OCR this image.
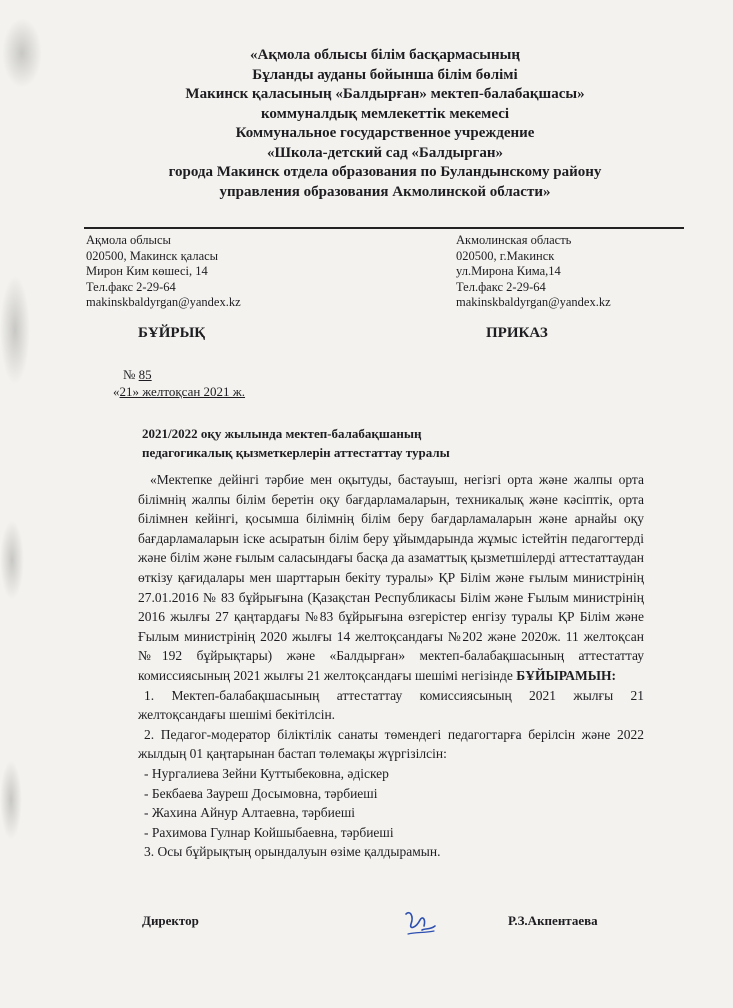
«Ақмола облысы білім басқармасының
Бұланды ауданы бойынша білім бөлімі
Макинск қаласының «Балдырған» мектеп-балабақшасы»
коммуналдық мемлекеттік мекемесі
Коммунальное государственное учреждение
«Школа-детский сад «Балдырган»
города Макинск отдела образования по Буландынскому району
управления образования Акмолинской области»
Ақмола облысы
020500, Макинск қаласы
Мирон Ким көшесі, 14
Тел.факс 2-29-64
makinskbaldyrgan@yandex.kz
Акмолинская область
020500, г.Макинск
ул.Мирона Кима,14
Тел.факс 2-29-64
makinskbaldyrgan@yandex.kz
БҰЙРЫҚ	ПРИКАЗ
№ 85
«21» желтоқсан 2021 ж.
2021/2022 оқу жылында мектеп-балабақшаның
педагогикалық қызметкерлерін аттестаттау туралы

«Мектепке дейінгі тәрбие мен оқытуды, бастауыш, негізгі орта және жалпы орта білімнің жалпы білім беретін оқу бағдарламаларын, техникалық және кәсіптік, орта білімнен кейінгі, қосымша білімнің білім беру бағдарламаларын және арнайы оқу бағдарламаларын іске асыратын білім беру ұйымдарында жұмыс істейтін педагогтерді және білім және ғылым саласындағы басқа да азаматтық қызметшілерді аттестаттаудан өткізу қағидалары мен шарттарын бекіту туралы» ҚР Білім және ғылым министрінің 27.01.2016 № 83 бұйрығына (Қазақстан Республикасы Білім және Ғылым министрінің 2016 жылғы 27 қаңтардағы №83 бұйрығына өзгерістер енгізу туралы ҚР Білім және Ғылым министрінің 2020 жылғы 14 желтоқсандағы №202 және 2020ж. 11 желтоқсан №192 бұйрықтары) және «Балдырған» мектеп-балабақшасының аттестаттау комиссиясының 2021 жылғы 21 желтоқсандағы шешімі негізінде БҰЙЫРАМЫН:

1. Мектеп-балабақшасының аттестаттау комиссиясының 2021 жылғы 21 желтоқсандағы шешімі бекітілсін.

2. Педагог-модератор біліктілік санаты төмендегі педагогтарға берілсін және 2022 жылдың 01 қаңтарынан бастап төлемақы жүргізілсін:

- Нургалиева Зейни Куттыбековна, әдіскер

- Бекбаева Зауреш Досымовна, тәрбиеші

- Жахина Айнур Алтаевна, тәрбиеші

- Рахимова Гулнар Койшыбаевна, тәрбиеші

3. Осы бұйрықтың орындалуын өзіме қалдырамын.

Директор	Р.З.Акпентаева
